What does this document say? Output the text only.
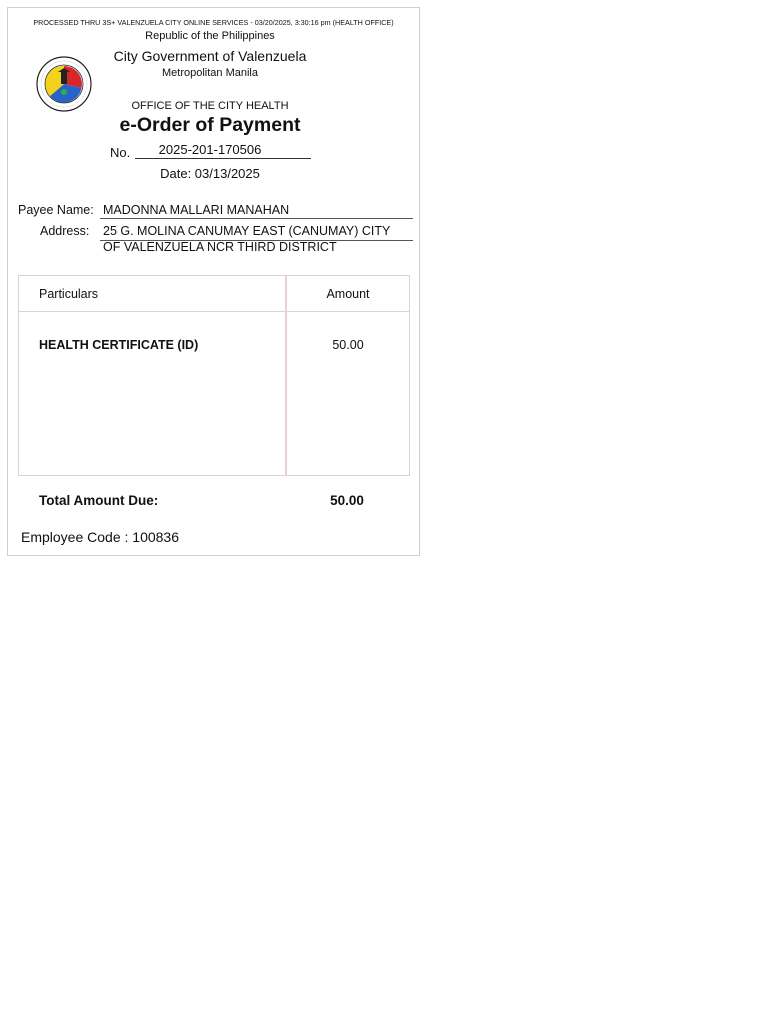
PROCESSED THRU 3S+ VALENZUELA CITY ONLINE SERVICES - 03/20/2025, 3:30:16 pm (HEALTH OFFICE)
Republic of the Philippines
City Government of Valenzuela
Metropolitan Manila
OFFICE OF THE CITY HEALTH
e-Order of Payment
No.	2025-201-170506
Date: 03/13/2025
Payee Name: MADONNA MALLARI MANAHAN
Address: 25 G. MOLINA CANUMAY EAST (CANUMAY) CITY
OF VALENZUELA NCR THIRD DISTRICT
Particulars	Amount
HEALTH CERTIFICATE (ID)	50.00
Total Amount Due:	50.00
Employee Code : 100836
